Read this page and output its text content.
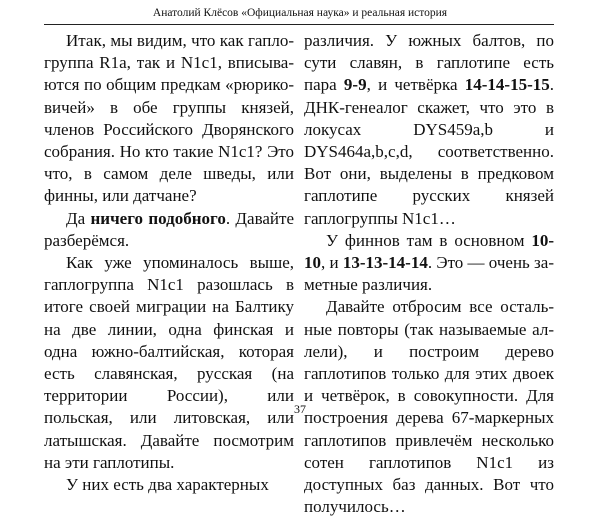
Анатолий Клёсов «Официальная наука» и реальная история

Итак, мы видим, что как гаплогруппа R1a, так и N1c1, вписываются по общим предкам «рюриковичей» в обе группы князей, членов Российского Дворянского собрания. Но кто такие N1c1? Это что, в самом деле шведы, или финны, или датчане?

Да ничего подобного. Давайте разберёмся.

Как уже упоминалось выше, гаплогруппа N1c1 разошлась в итоге своей миграции на Балтику на две линии, одна финская и одна южно-балтийская, которая есть славянская, русская (на территории России), или польская, или литовская, или латышская. Давайте посмотрим на эти гаплотипы.

У них есть два характерных

различия. У южных балтов, по сути славян, в гаплотипе есть пара 9-9, и четвёрка 14-14-15-15. ДНК-генеалог скажет, что это в локусах DYS459a,b и DYS464a,b,c,d, соответственно. Вот они, выделены в предковом гаплотипе русских князей гаплогруппы N1c1…

У финнов там в основном 10-10, и 13-13-14-14. Это — очень заметные различия.

Давайте отбросим все остальные повторы (так называемые аллели), и построим дерево гаплотипов только для этих двоек и четвёрок, в совокупности. Для построения дерева 67-маркерных гаплотипов привлечём несколько сотен гаплотипов N1c1 из доступных баз данных. Вот что получилось…

37
